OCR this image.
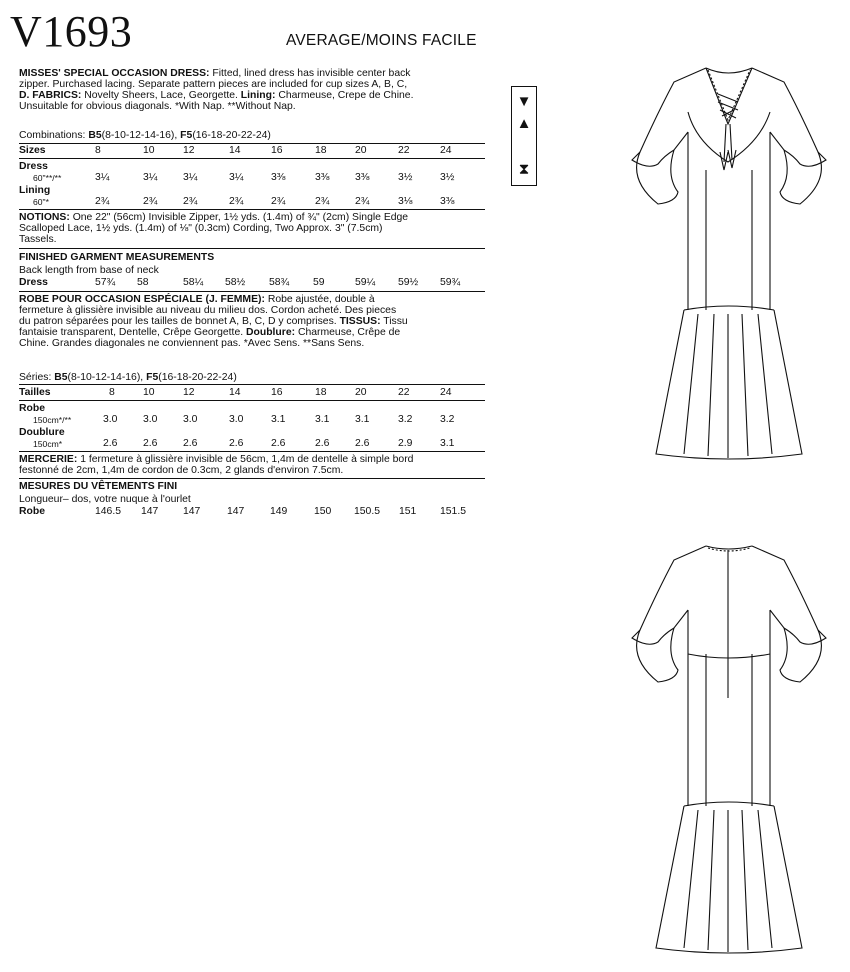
V1693	AVERAGE/MOINS FACILE
MISSES' SPECIAL OCCASION DRESS: Fitted, lined dress has invisible center back
zipper. Purchased lacing. Separate pattern pieces are included for cup sizes A, B, C,
D. FABRICS: Novelty Sheers, Lace, Georgette. Lining: Charmeuse, Crepe de Chine.
Unsuitable for obvious diagonals. *With Nap. **Without Nap.
Combinations: B5(8-10-12-14-16), F5(16-18-20-22-24)
Sizes	8	10	12	14	16	18	20	22	24
Dress
60"**/**	3¼	3¼ 3¼	3¼	3⅜	3⅜ 3⅜	3½	3½
Lining
60"*	2¾	2¾ 2¾	2¾	2¾	2¾ 2¾	3⅛	3⅜
NOTIONS: One 22" (56cm) Invisible Zipper, 1½ yds. (1.4m) of ¾" (2cm) Single Edge
Scalloped Lace, 1½ yds. (1.4m) of ⅛" (0.3cm) Cording, Two Approx. 3" (7.5cm)
Tassels.
FINISHED GARMENT MEASUREMENTS
Back length from base of neck
Dress	57¾ 58	58¼ 58½ 58¾ 59	59¼ 59½ 59¾
ROBE POUR OCCASION ESPÉCIALE (J. FEMME): Robe ajustée, double à
fermeture à glissière invisible au niveau du milieu dos. Cordon acheté. Des pieces
du patron séparées pour les tailles de bonnet A, B, C, D y comprises. TISSUS: Tissu
fantaisie transparent, Dentelle, Crêpe Georgette. Doublure: Charmeuse, Crêpe de
Chine. Grandes diagonales ne conviennent pas. *Avec Sens. **Sans Sens.
Séries: B5(8-10-12-14-16), F5(16-18-20-22-24)
Tailles	8	10	12	14	16	18	20	22	24
Robe
150cm*/**	3.0 3.0 3.0	3.0	3.1	3.1 3.1	3.2	3.2
Doublure
150cm*	2.6 2.6 2.6	2.6	2.6	2.6 2.6	2.9	3.1
MERCERIE: 1 fermeture à glissière invisible de 56cm, 1,4m de dentelle à simple bord
festonné de 2cm, 1,4m de cordon de 0.3cm, 2 glands d'environ 7.5cm.
MESURES DU VÊTEMENTS FINI
Longueur– dos, votre nuque à l'ourlet
Robe	146.5 147 147	147 149	150 150.5 151 151.5
▼
▲
⧗
